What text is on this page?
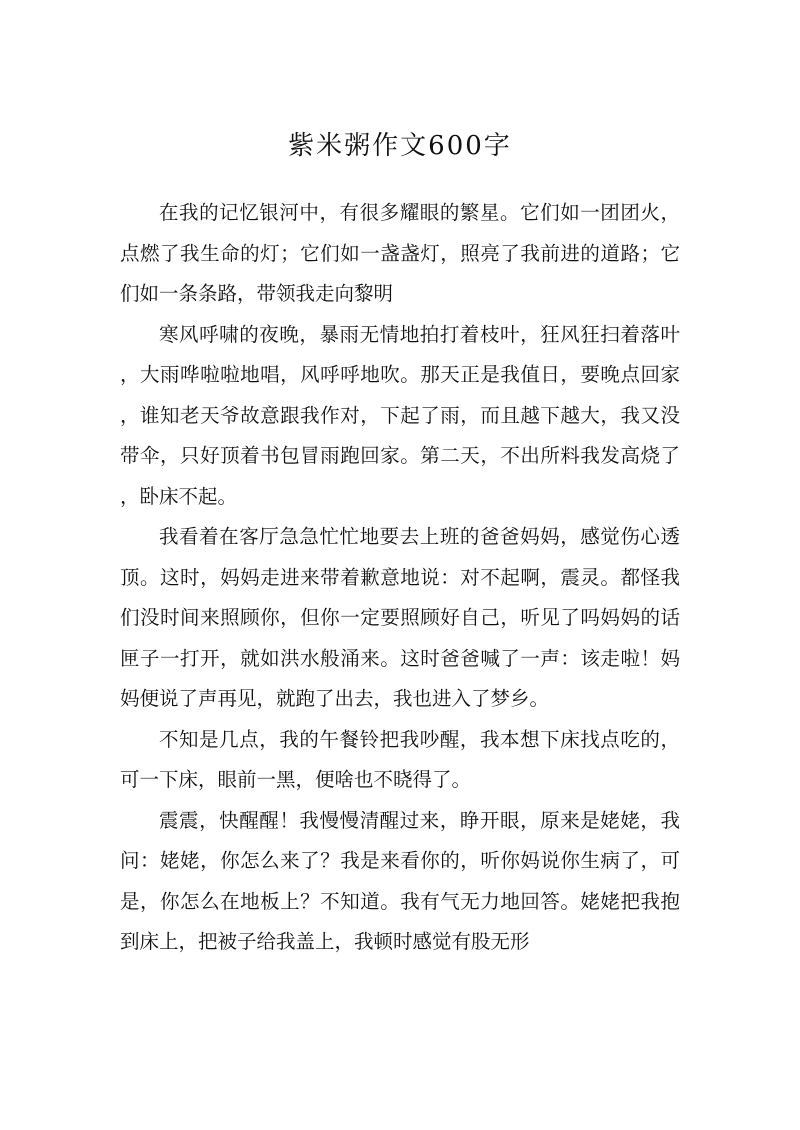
紫米粥作文600字

在我的记忆银河中，有很多耀眼的繁星。它们如一团团火，点燃了我生命的灯；它们如一盏盏灯，照亮了我前进的道路；它们如一条条路，带领我走向黎明

寒风呼啸的夜晚，暴雨无情地拍打着枝叶，狂风狂扫着落叶，大雨哗啦啦地唱，风呼呼地吹。那天正是我值日，要晚点回家，谁知老天爷故意跟我作对，下起了雨，而且越下越大，我又没带伞，只好顶着书包冒雨跑回家。第二天，不出所料我发高烧了，卧床不起。

我看着在客厅急急忙忙地要去上班的爸爸妈妈，感觉伤心透顶。这时，妈妈走进来带着歉意地说：对不起啊，震灵。都怪我们没时间来照顾你，但你一定要照顾好自己，听见了吗妈妈的话匣子一打开，就如洪水般涌来。这时爸爸喊了一声：该走啦！妈妈便说了声再见，就跑了出去，我也进入了梦乡。

不知是几点，我的午餐铃把我吵醒，我本想下床找点吃的，可一下床，眼前一黑，便啥也不晓得了。

震震，快醒醒！我慢慢清醒过来，睁开眼，原来是姥姥，我问：姥姥，你怎么来了？我是来看你的，听你妈说你生病了，可是，你怎么在地板上？不知道。我有气无力地回答。姥姥把我抱到床上，把被子给我盖上，我顿时感觉有股无形
